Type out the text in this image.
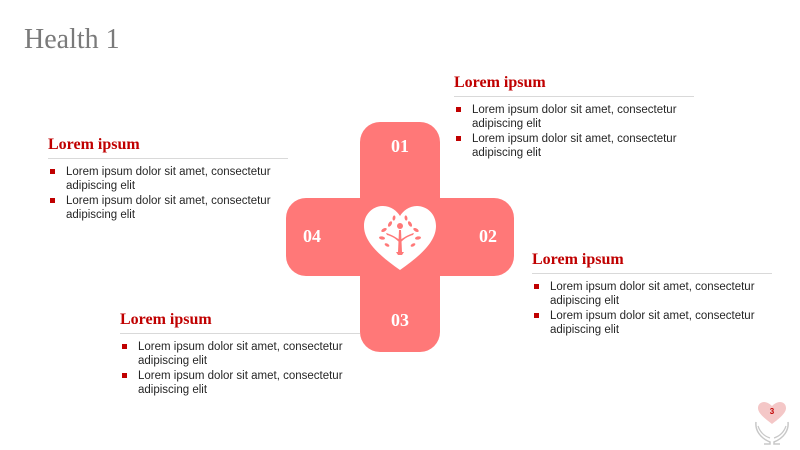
Health 1
Lorem ipsum
Lorem ipsum dolor sit amet, consectetur adipiscing elit
Lorem ipsum dolor sit amet, consectetur adipiscing elit
Lorem ipsum
Lorem ipsum dolor sit amet, consectetur adipiscing elit
Lorem ipsum dolor sit amet, consectetur adipiscing elit
Lorem ipsum
Lorem ipsum dolor sit amet, consectetur adipiscing elit
Lorem ipsum dolor sit amet, consectetur adipiscing elit
Lorem ipsum
Lorem ipsum dolor sit amet, consectetur adipiscing elit
Lorem ipsum dolor sit amet, consectetur adipiscing elit
01
02
03
04
3
